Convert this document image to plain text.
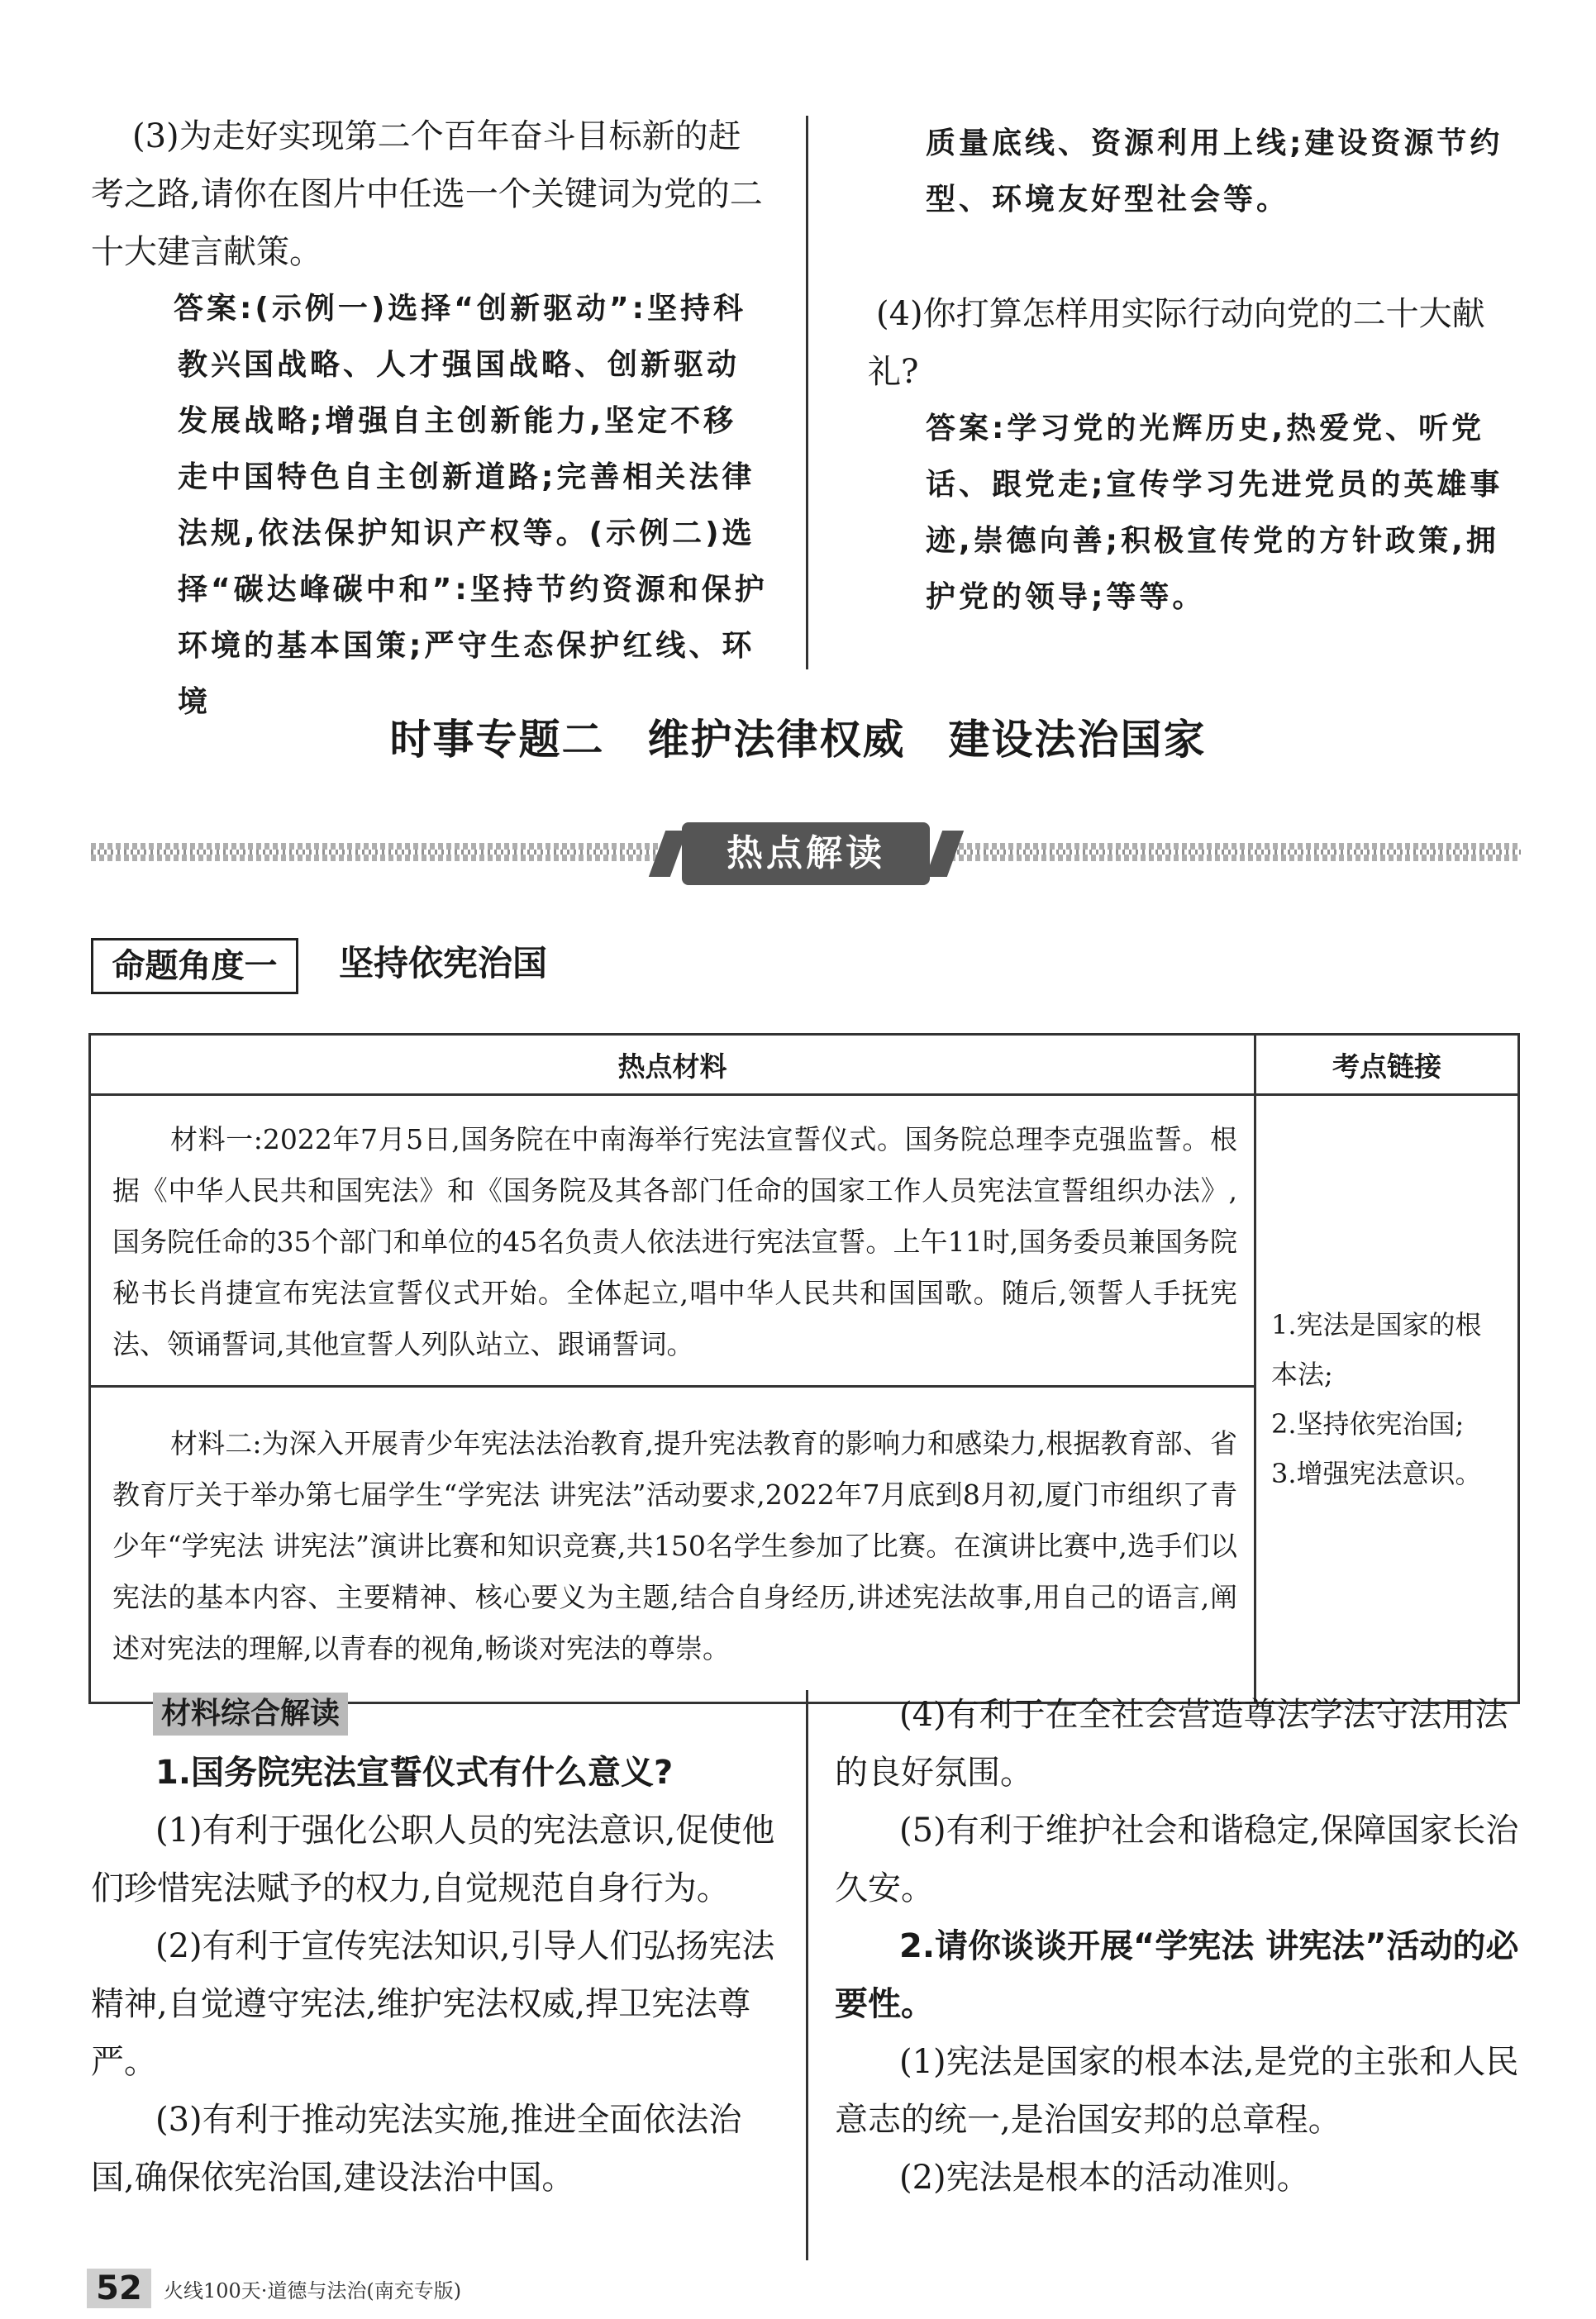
(3)为走好实现第二个百年奋斗目标新的赶考之路,请你在图片中任选一个关键词为党的二十大建言献策。
答案:(示例一)选择“创新驱动”:坚持科教兴国战略、人才强国战略、创新驱动发展战略;增强自主创新能力,坚定不移走中国特色自主创新道路;完善相关法律法规,依法保护知识产权等。(示例二)选择“碳达峰碳中和”:坚持节约资源和保护环境的基本国策;严守生态保护红线、环境
质量底线、资源利用上线;建设资源节约型、环境友好型社会等。
(4)你打算怎样用实际行动向党的二十大献礼?
答案:学习党的光辉历史,热爱党、听党话、跟党走;宣传学习先进党员的英雄事迹,崇德向善;积极宣传党的方针政策,拥护党的领导;等等。
时事专题二　维护法律权威　建设法治国家
热点解读
命题角度一	坚持依宪治国
热点材料	考点链接
材料一:2022年7月5日,国务院在中南海举行宪法宣誓仪式。国务院总理李克强监誓。根据《中华人民共和国宪法》和《国务院及其各部门任命的国家工作人员宪法宣誓组织办法》,国务院任命的35个部门和单位的45名负责人依法进行宪法宣誓。上午11时,国务委员兼国务院秘书长肖捷宣布宪法宣誓仪式开始。全体起立,唱中华人民共和国国歌。随后,领誓人手抚宪法、领诵誓词,其他宣誓人列队站立、跟诵誓词。	1.宪法是国家的根本法;
2.坚持依宪治国;
3.增强宪法意识。

材料二:为深入开展青少年宪法法治教育,提升宪法教育的影响力和感染力,根据教育部、省教育厅关于举办第七届学生“学宪法 讲宪法”活动要求,2022年7月底到8月初,厦门市组织了青少年“学宪法 讲宪法”演讲比赛和知识竞赛,共150名学生参加了比赛。在演讲比赛中,选手们以宪法的基本内容、主要精神、核心要义为主题,结合自身经历,讲述宪法故事,用自己的语言,阐述对宪法的理解,以青春的视角,畅谈对宪法的尊崇。	
材料综合解读
1.国务院宪法宣誓仪式有什么意义?
(1)有利于强化公职人员的宪法意识,促使他们珍惜宪法赋予的权力,自觉规范自身行为。
(2)有利于宣传宪法知识,引导人们弘扬宪法精神,自觉遵守宪法,维护宪法权威,捍卫宪法尊严。
(3)有利于推动宪法实施,推进全面依法治国,确保依宪治国,建设法治中国。
(4)有利于在全社会营造尊法学法守法用法的良好氛围。
(5)有利于维护社会和谐稳定,保障国家长治久安。
2.请你谈谈开展“学宪法 讲宪法”活动的必要性。
(1)宪法是国家的根本法,是党的主张和人民意志的统一,是治国安邦的总章程。
(2)宪法是根本的活动准则。
52	火线100天·道德与法治(南充专版)
